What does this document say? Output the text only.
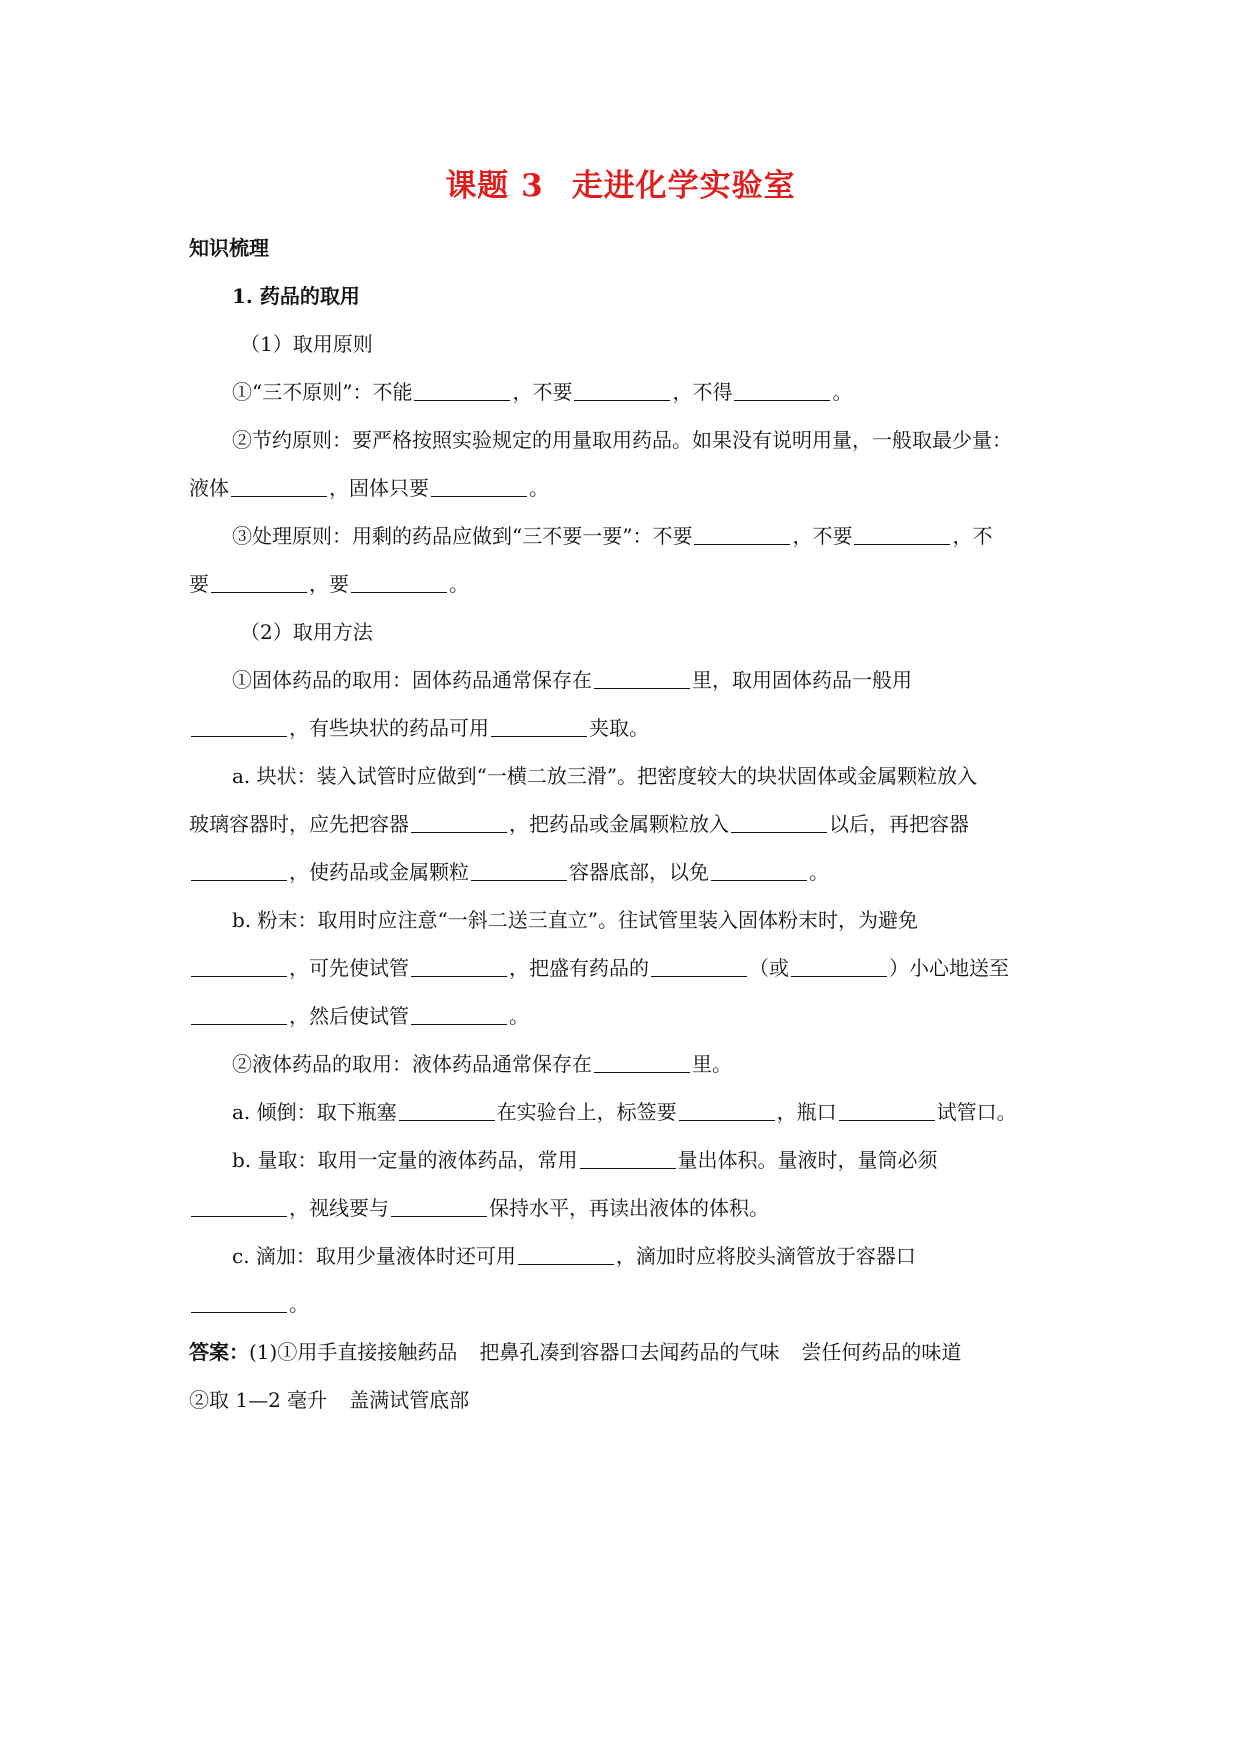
课题 3 走进化学实验室
知识梳理
1. 药品的取用
（1）取用原则
①“三不原则”：不能	，不要	，不得	。
②节约原则：要严格按照实验规定的用量取用药品。如果没有说明用量，一般取最少量：
液体	，固体只要	。
③处理原则：用剩的药品应做到“三不要一要”：不要	，不要	，不
要	，要	。
（2）取用方法
①固体药品的取用：固体药品通常保存在	里，取用固体药品一般用
，有些块状的药品可用	夹取。
a. 块状：装入试管时应做到“一横二放三滑”。把密度较大的块状固体或金属颗粒放入
玻璃容器时，应先把容器	，把药品或金属颗粒放入	以后，再把容器
，使药品或金属颗粒	容器底部，以免	。
b. 粉末：取用时应注意“一斜二送三直立”。往试管里装入固体粉末时，为避免
，可先使试管	，把盛有药品的	（或	）小心地送至
，然后使试管	。
②液体药品的取用：液体药品通常保存在	里。
a. 倾倒：取下瓶塞	在实验台上，标签要	，瓶口	试管口。
b. 量取：取用一定量的液体药品，常用	量出体积。量液时，量筒必须
，视线要与	保持水平，再读出液体的体积。
c. 滴加：取用少量液体时还可用	，滴加时应将胶头滴管放于容器口
。
答案：(1)①用手直接接触药品 把鼻孔凑到容器口去闻药品的气味 尝任何药品的味道
②取 1—2 毫升 盖满试管底部
